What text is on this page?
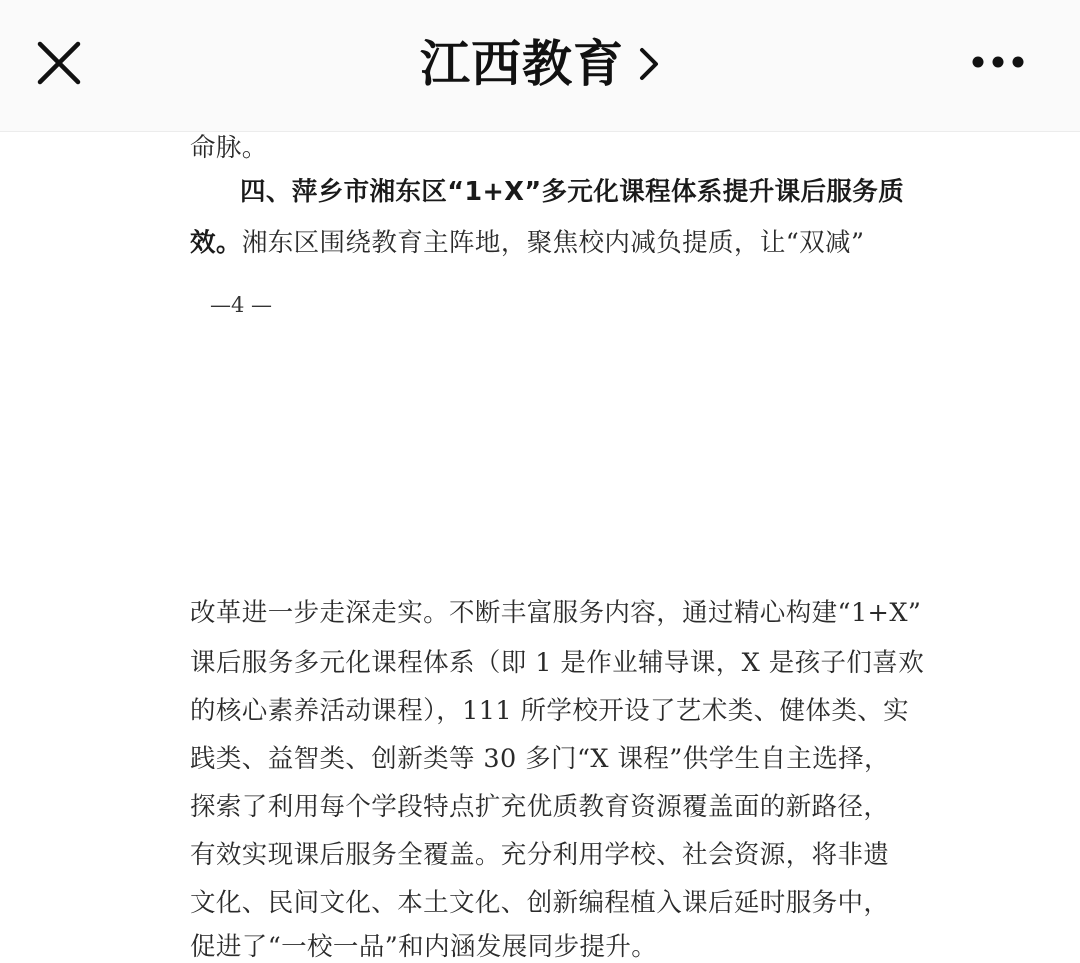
江西教育
命脉。
四、萍乡市湘东区“1+X”多元化课程体系提升课后服务质
效。湘东区围绕教育主阵地，聚焦校内减负提质，让“双减”
—4 —
改革进一步走深走实。不断丰富服务内容，通过精心构建“1+X”
课后服务多元化课程体系（即 1 是作业辅导课，X 是孩子们喜欢
的核心素养活动课程），111 所学校开设了艺术类、健体类、实
践类、益智类、创新类等 30 多门“X 课程”供学生自主选择，
探索了利用每个学段特点扩充优质教育资源覆盖面的新路径，
有效实现课后服务全覆盖。充分利用学校、社会资源，将非遗
文化、民间文化、本土文化、创新编程植入课后延时服务中，
促进了“一校一品”和内涵发展同步提升。
